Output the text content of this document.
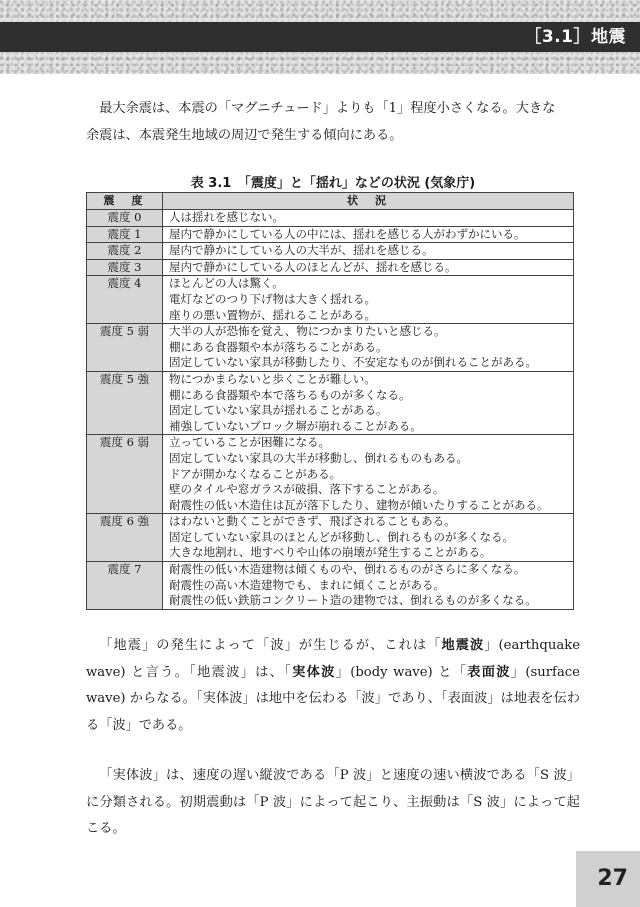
［3.1］地震
最大余震は、本震の「マグニチュード」よりも「1」程度小さくなる。大きな
余震は、本震発生地域の周辺で発生する傾向にある。
表 3.1　「震度」と「揺れ」などの状況 (気象庁)
震　度	状　況
震度 0	人は揺れを感じない。

震度 1	屋内で静かにしている人の中には、揺れを感じる人がわずかにいる。

震度 2	屋内で静かにしている人の大半が、揺れを感じる。

震度 3	屋内で静かにしている人のほとんどが、揺れを感じる。

震度 4	ほとんどの人は驚く。
電灯などのつり下げ物は大きく揺れる。
座りの悪い置物が、揺れることがある。

震度 5 弱	大半の人が恐怖を覚え、物につかまりたいと感じる。
棚にある食器類や本が落ちることがある。
固定していない家具が移動したり、不安定なものが倒れることがある。

震度 5 強	物につかまらないと歩くことが難しい。
棚にある食器類や本で落ちるものが多くなる。
固定していない家具が揺れることがある。
補強していないブロック塀が崩れることがある。

震度 6 弱	立っていることが困難になる。
固定していない家具の大半が移動し、倒れるものもある。
ドアが開かなくなることがある。
壁のタイルや窓ガラスが破損、落下することがある。
耐震性の低い木造住は瓦が落下したり、建物が傾いたりすることがある。

震度 6 強	はわないと動くことができず、飛ばされることもある。
固定していない家具のほとんどが移動し、倒れるものが多くなる。
大きな地割れ、地すべりや山体の崩壊が発生することがある。

震度 7	耐震性の低い木造建物は傾くものや、倒れるものがさらに多くなる。
耐震性の高い木造建物でも、まれに傾くことがある。
耐震性の低い鉄筋コンクリート造の建物では、倒れるものが多くなる。

「地震」の発生によって「波」が生じるが、これは「地震波」(earthquake wave) と言う。「地震波」は、「実体波」(body wave) と「表面波」(surface wave) からなる。「実体波」は地中を伝わる「波」であり、「表面波」は地表を伝わる「波」である。

「実体波」は、速度の遅い縦波である「P 波」と速度の速い横波である「S 波」に分類される。初期震動は「P 波」によって起こり、主振動は「S 波」によって起こる。

27
